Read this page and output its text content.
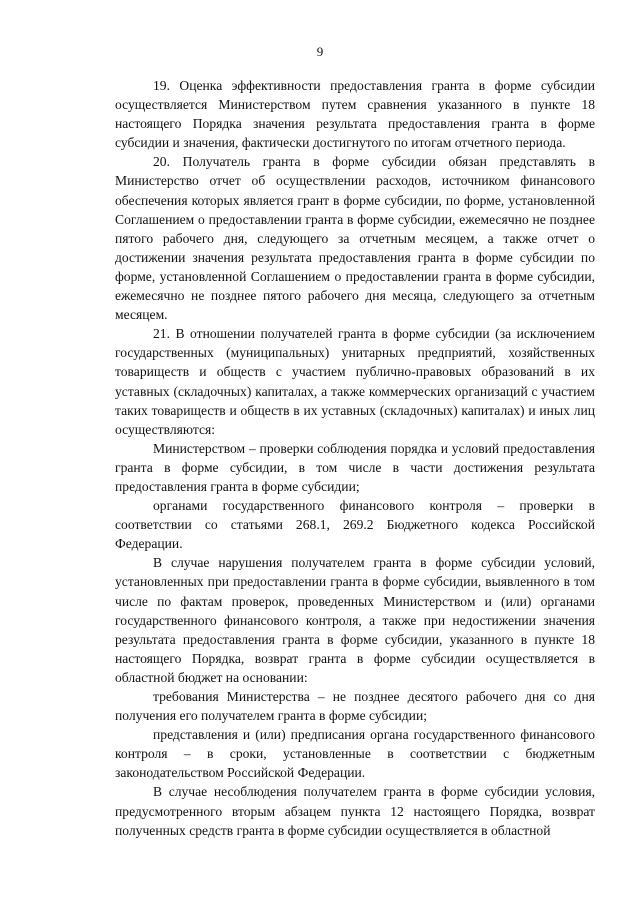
9

19. Оценка эффективности предоставления гранта в форме субсидии осуществляется Министерством путем сравнения указанного в пункте 18 настоящего Порядка значения результата предоставления гранта в форме субсидии и значения, фактически достигнутого по итогам отчетного периода.

20. Получатель гранта в форме субсидии обязан представлять в Министерство отчет об осуществлении расходов, источником финансового обеспечения которых является грант в форме субсидии, по форме, установленной Соглашением о предоставлении гранта в форме субсидии, ежемесячно не позднее пятого рабочего дня, следующего за отчетным месяцем, а также отчет о достижении значения результата предоставления гранта в форме субсидии по форме, установленной Соглашением о предоставлении гранта в форме субсидии, ежемесячно не позднее пятого рабочего дня месяца, следующего за отчетным месяцем.

21. В отношении получателей гранта в форме субсидии (за исключением государственных (муниципальных) унитарных предприятий, хозяйственных товариществ и обществ с участием публично-правовых образований в их уставных (складочных) капиталах, а также коммерческих организаций с участием таких товариществ и обществ в их уставных (складочных) капиталах) и иных лиц осуществляются:

Министерством – проверки соблюдения порядка и условий предоставления гранта в форме субсидии, в том числе в части достижения результата предоставления гранта в форме субсидии;

органами государственного финансового контроля – проверки в соответствии со статьями 268.1, 269.2 Бюджетного кодекса Российской Федерации.

В случае нарушения получателем гранта в форме субсидии условий, установленных при предоставлении гранта в форме субсидии, выявленного в том числе по фактам проверок, проведенных Министерством и (или) органами государственного финансового контроля, а также при недостижении значения результата предоставления гранта в форме субсидии, указанного в пункте 18 настоящего Порядка, возврат гранта в форме субсидии осуществляется в областной бюджет на основании:

требования Министерства – не позднее десятого рабочего дня со дня получения его получателем гранта в форме субсидии;

представления и (или) предписания органа государственного финансового контроля – в сроки, установленные в соответствии с бюджетным законодательством Российской Федерации.

В случае несоблюдения получателем гранта в форме субсидии условия, предусмотренного вторым абзацем пункта 12 настоящего Порядка, возврат полученных средств гранта в форме субсидии осуществляется в областной
